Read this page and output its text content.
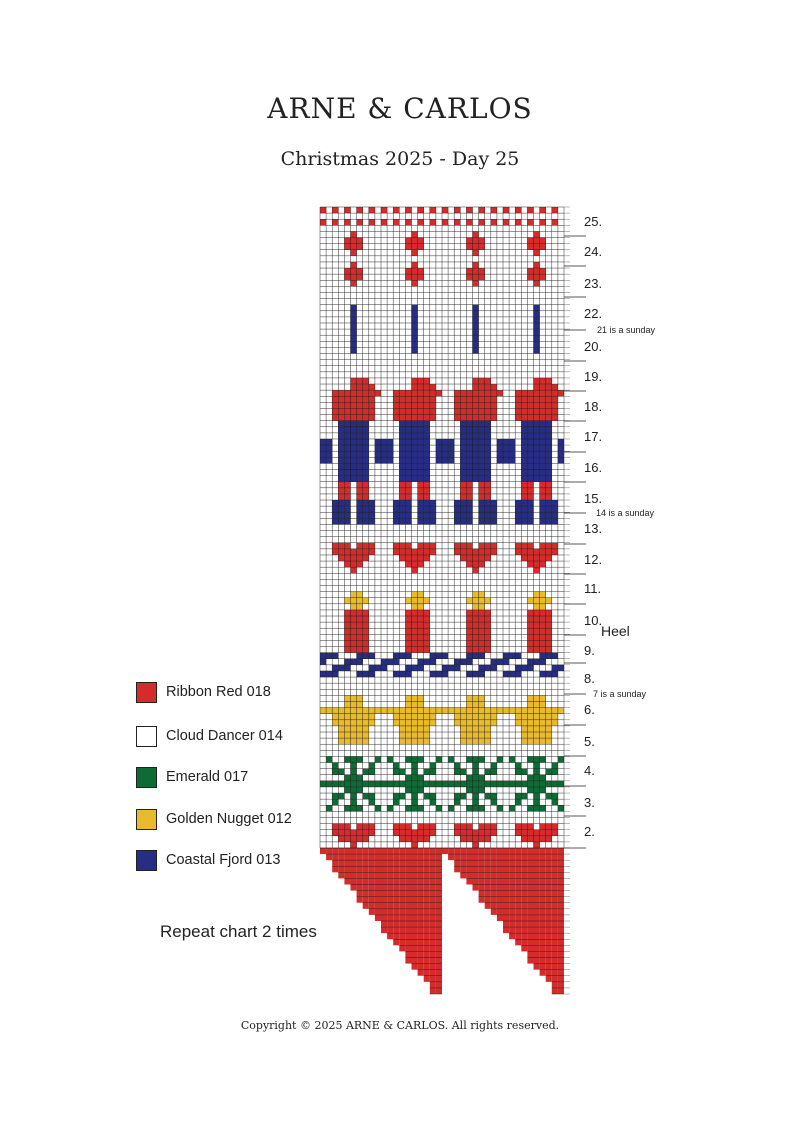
ARNE & CARLOS
Christmas 2025 - Day 25
25.
24.
23.
22.
20.
19.
18.
17.
16.
15.
13.
12.
11.
10.
9.
8.
6.
5.
4.
3.
2.
21 is a sunday
14 is a sunday
7 is a sunday
Heel
Ribbon Red 018
Cloud Dancer 014
Emerald 017
Golden Nugget 012
Coastal Fjord 013
Repeat chart 2 times
Copyright © 2025 ARNE & CARLOS. All rights reserved.
